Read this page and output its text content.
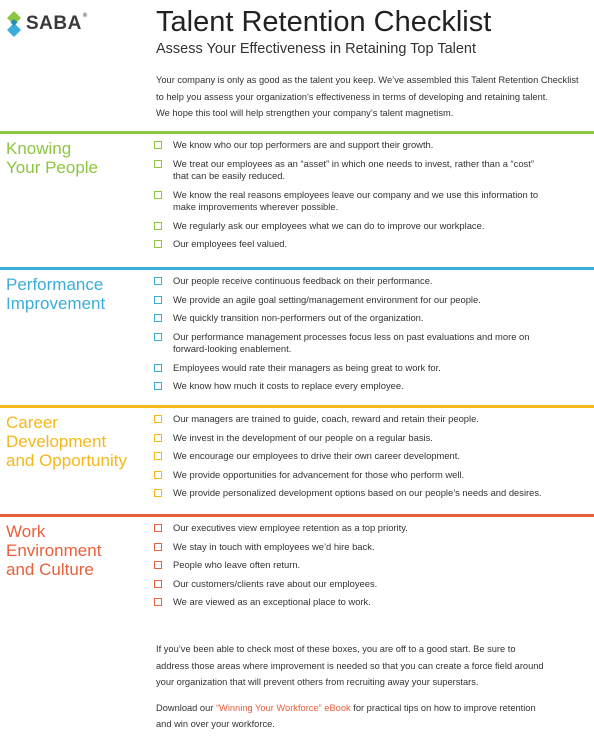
SABA® Talent Retention Checklist
Assess Your Effectiveness in Retaining Top Talent

Your company is only as good as the talent you keep. We’ve assembled this Talent Retention Checklist

to help you assess your organization’s effectiveness in terms of developing and retaining talent.

We hope this tool will help strengthen your company’s talent magnetism.

Knowing
Your People
We know who our top performers are and support their growth.
We treat our employees as an “asset” in which one needs to invest, rather than a “cost”
that can be easily reduced.
We know the real reasons employees leave our company and we use this information to
make improvements wherever possible.
We regularly ask our employees what we can do to improve our workplace.
Our employees feel valued.
Performance
Improvement
Our people receive continuous feedback on their performance.
We provide an agile goal setting/management environment for our people.
We quickly transition non-performers out of the organization.
Our performance management processes focus less on past evaluations and more on
forward-looking enablement.
Employees would rate their managers as being great to work for.
We know how much it costs to replace every employee.
Career
Development
and Opportunity
Our managers are trained to guide, coach, reward and retain their people.
We invest in the development of our people on a regular basis.
We encourage our employees to drive their own career development.
We provide opportunities for advancement for those who perform well.
We provide personalized development options based on our people’s needs and desires.
Work
Environment
and Culture
Our executives view employee retention as a top priority.
We stay in touch with employees we’d hire back.
People who leave often return.
Our customers/clients rave about our employees.
We are viewed as an exceptional place to work.

If you’ve been able to check most of these boxes, you are off to a good start. Be sure to

address those areas where improvement is needed so that you can create a force field around

your organization that will prevent others from recruiting away your superstars.

Download our “Winning Your Workforce” eBook for practical tips on how to improve retention

and win over your workforce.
